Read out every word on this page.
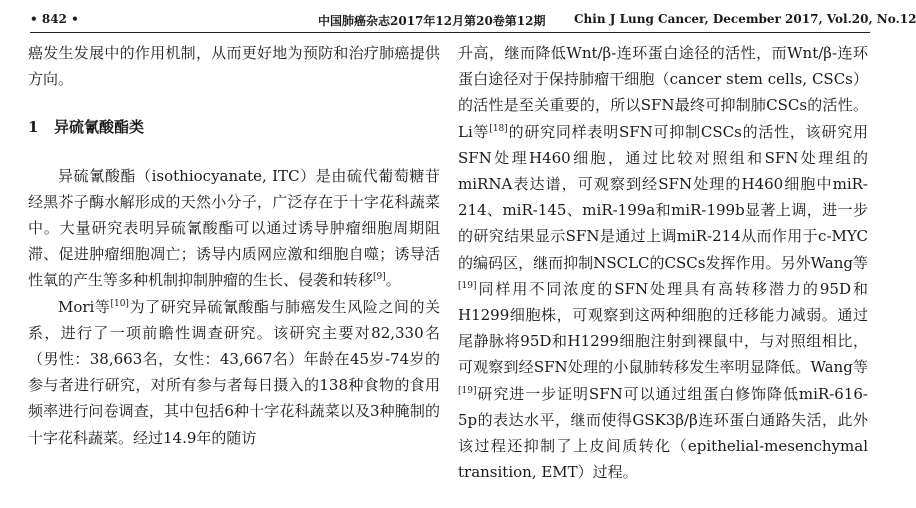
• 842 •	中国肺癌杂志2017年12月第20卷第12期 Chin J Lung Cancer, December 2017, Vol.20, No.12

癌发生发展中的作用机制，从而更好地为预防和治疗肺癌提供方向。

1 异硫氰酸酯类

异硫氰酸酯（isothiocyanate, ITC）是由硫代葡萄糖苷经黑芥子酶水解形成的天然小分子，广泛存在于十字花科蔬菜中。大量研究表明异硫氰酸酯可以通过诱导肿瘤细胞周期阻滞、促进肿瘤细胞凋亡；诱导内质网应激和细胞自噬；诱导活性氧的产生等多种机制抑制肿瘤的生长、侵袭和转移[9]。

Mori等[10]为了研究异硫氰酸酯与肺癌发生风险之间的关系，进行了一项前瞻性调查研究。该研究主要对82,330名（男性：38,663名，女性：43,667名）年龄在45岁-74岁的参与者进行研究，对所有参与者每日摄入的138种食物的食用频率进行问卷调查，其中包括6种十字花科蔬菜以及3种腌制的十字花科蔬菜。经过14.9年的随访

升高，继而降低Wnt/β-连环蛋白途径的活性，而Wnt/β-连环蛋白途径对于保持肺瘤干细胞（cancer stem cells, CSCs）的活性是至关重要的，所以SFN最终可抑制肺CSCs的活性。Li等[18]的研究同样表明SFN可抑制CSCs的活性，该研究用SFN处理H460细胞，通过比较对照组和SFN处理组的miRNA表达谱，可观察到经SFN处理的H460细胞中miR-214、miR-145、miR-199a和miR-199b显著上调，进一步的研究结果显示SFN是通过上调miR-214从而作用于c-MYC的编码区，继而抑制NSCLC的CSCs发挥作用。另外Wang等[19]同样用不同浓度的SFN处理具有高转移潜力的95D和H1299细胞株，可观察到这两种细胞的迁移能力减弱。通过尾静脉将95D和H1299细胞注射到裸鼠中，与对照组相比，可观察到经SFN处理的小鼠肺转移发生率明显降低。Wang等[19]研究进一步证明SFN可以通过组蛋白修饰降低miR-616-5p的表达水平，继而使得GSK3β/β连环蛋白通路失活，此外该过程还抑制了上皮间质转化（epithelial-mesenchymal transition, EMT）过程。
